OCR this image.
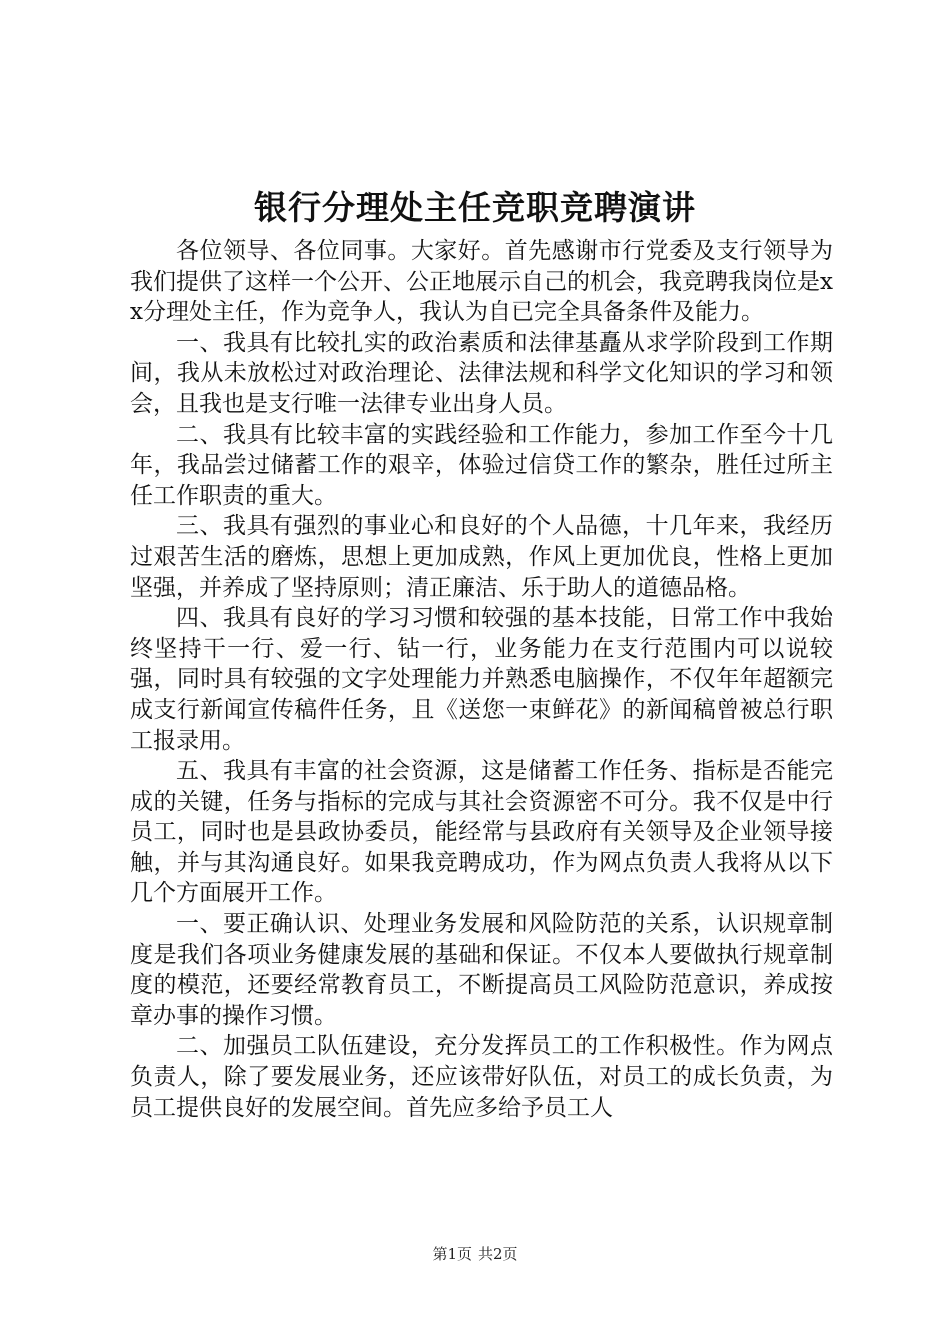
银行分理处主任竞职竞聘演讲

各位领导、各位同事。大家好。首先感谢市行党委及支行领导为我们提供了这样一个公开、公正地展示自己的机会，我竞聘我岗位是xx分理处主任，作为竞争人，我认为自已完全具备条件及能力。

一、我具有比较扎实的政治素质和法律基矗从求学阶段到工作期间，我从未放松过对政治理论、法律法规和科学文化知识的学习和领会，且我也是支行唯一法律专业出身人员。

二、我具有比较丰富的实践经验和工作能力，参加工作至今十几年，我品尝过储蓄工作的艰辛，体验过信贷工作的繁杂，胜任过所主任工作职责的重大。

三、我具有强烈的事业心和良好的个人品德，十几年来，我经历过艰苦生活的磨炼，思想上更加成熟，作风上更加优良，性格上更加坚强，并养成了坚持原则；清正廉洁、乐于助人的道德品格。

四、我具有良好的学习习惯和较强的基本技能，日常工作中我始终坚持干一行、爱一行、钻一行，业务能力在支行范围内可以说较强，同时具有较强的文字处理能力并熟悉电脑操作，不仅年年超额完成支行新闻宣传稿件任务，且《送您一束鲜花》的新闻稿曾被总行职工报录用。

五、我具有丰富的社会资源，这是储蓄工作任务、指标是否能完成的关键，任务与指标的完成与其社会资源密不可分。我不仅是中行员工，同时也是县政协委员，能经常与县政府有关领导及企业领导接触，并与其沟通良好。如果我竞聘成功，作为网点负责人我将从以下几个方面展开工作。

一、要正确认识、处理业务发展和风险防范的关系，认识规章制度是我们各项业务健康发展的基础和保证。不仅本人要做执行规章制度的模范，还要经常教育员工，不断提高员工风险防范意识，养成按章办事的操作习惯。

二、加强员工队伍建设，充分发挥员工的工作积极性。作为网点负责人，除了要发展业务，还应该带好队伍，对员工的成长负责，为员工提供良好的发展空间。首先应多给予员工人

第1页 共2页
